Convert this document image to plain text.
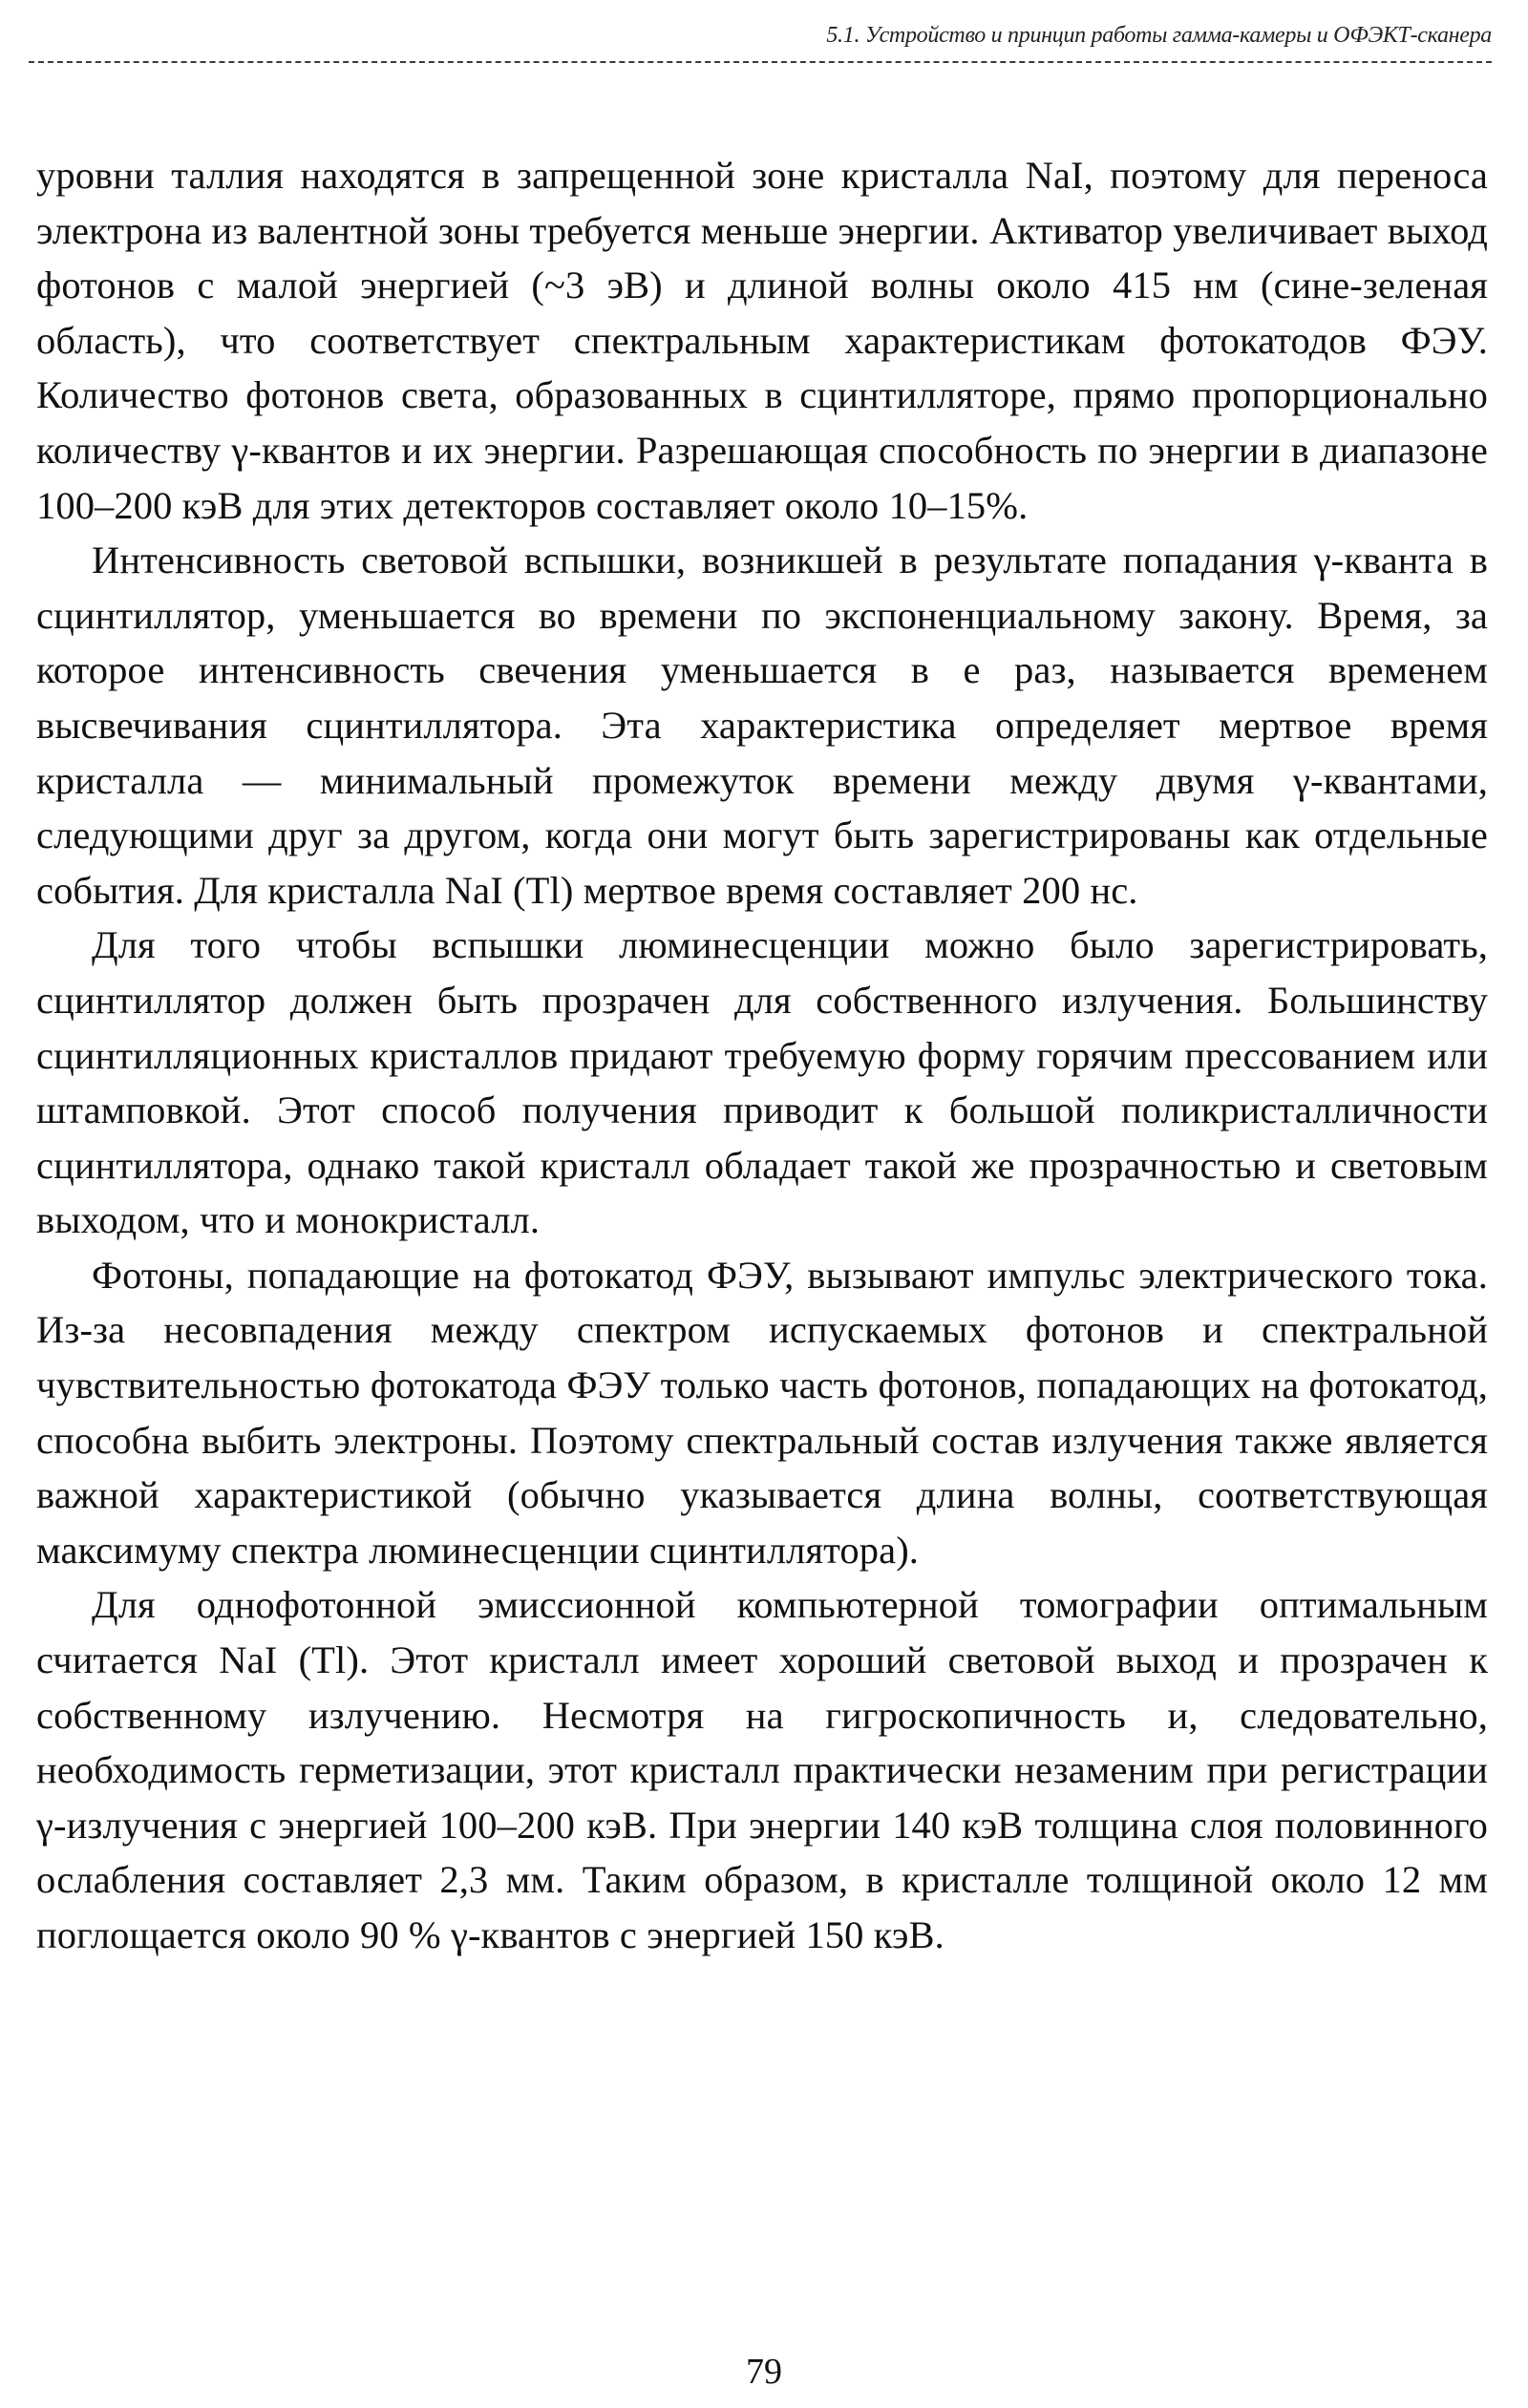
5.1. Устройство и принцип работы гамма-камеры и ОФЭКТ-сканера

уровни таллия находятся в запрещенной зоне кристалла NaI, поэтому для переноса электрона из валентной зоны требуется меньше энергии. Активатор увеличивает выход фотонов с малой энергией (~3 эВ) и длиной волны около 415 нм (сине-зеленая область), что соответствует спектральным характеристикам фотокатодов ФЭУ. Количество фотонов света, образованных в сцинтилляторе, прямо пропорционально количеству γ-квантов и их энергии. Разрешающая способность по энергии в диапазоне 100–200 кэВ для этих детекторов составляет около 10–15%.

Интенсивность световой вспышки, возникшей в результате попадания γ-кванта в сцинтиллятор, уменьшается во времени по экспоненциальному закону. Время, за которое интенсивность свечения уменьшается в e раз, называется временем высвечивания сцинтиллятора. Эта характеристика определяет мертвое время кристалла — минимальный промежуток времени между двумя γ-квантами, следующими друг за другом, когда они могут быть зарегистрированы как отдельные события. Для кристалла NaI (Tl) мертвое время составляет 200 нс.

Для того чтобы вспышки люминесценции можно было зарегистрировать, сцинтиллятор должен быть прозрачен для собственного излучения. Большинству сцинтилляционных кристаллов придают требуемую форму горячим прессованием или штамповкой. Этот способ получения приводит к большой поликристалличности сцинтиллятора, однако такой кристалл обладает такой же прозрачностью и световым выходом, что и монокристалл.

Фотоны, попадающие на фотокатод ФЭУ, вызывают импульс электрического тока. Из-за несовпадения между спектром испускаемых фотонов и спектральной чувствительностью фотокатода ФЭУ только часть фотонов, попадающих на фотокатод, способна выбить электроны. Поэтому спектральный состав излучения также является важной характеристикой (обычно указывается длина волны, соответствующая максимуму спектра люминесценции сцинтиллятора).

Для однофотонной эмиссионной компьютерной томографии оптимальным считается NaI (Tl). Этот кристалл имеет хороший световой выход и прозрачен к собственному излучению. Несмотря на гигроскопичность и, следовательно, необходимость герметизации, этот кристалл практически незаменим при регистрации γ-излучения с энергией 100–200 кэВ. При энергии 140 кэВ толщина слоя половинного ослабления составляет 2,3 мм. Таким образом, в кристалле толщиной около 12 мм поглощается около 90 % γ-квантов с энергией 150 кэВ.

79
